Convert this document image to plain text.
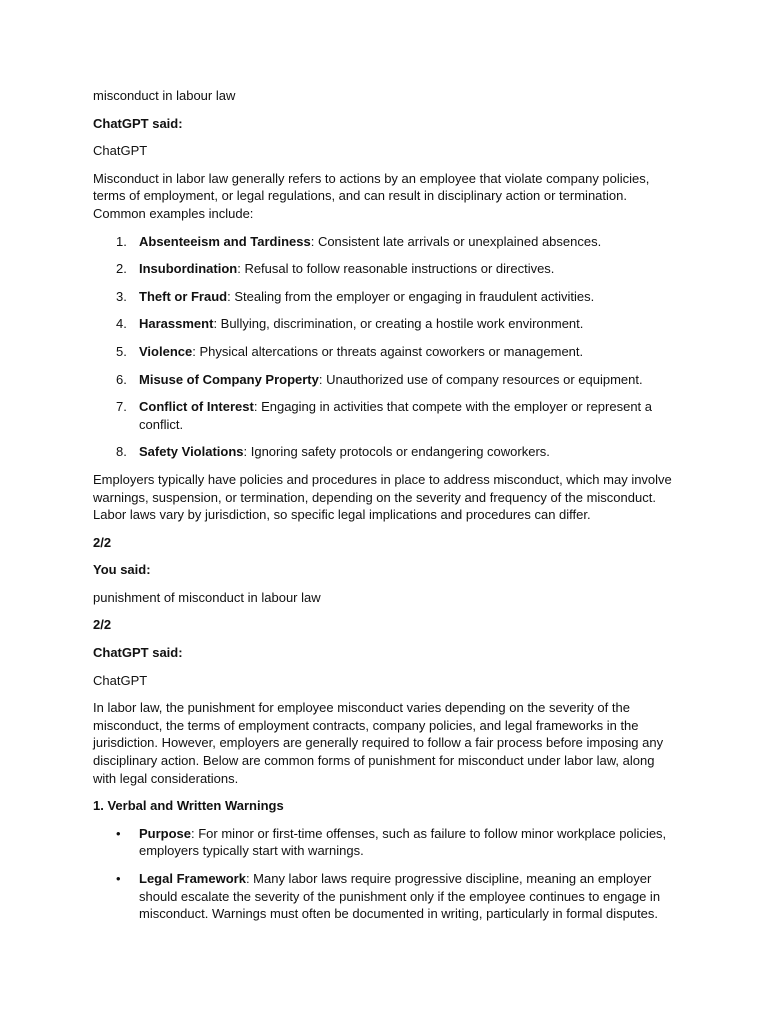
misconduct in labour law

ChatGPT said:

ChatGPT

Misconduct in labor law generally refers to actions by an employee that violate company policies, terms of employment, or legal regulations, and can result in disciplinary action or termination. Common examples include:

1. Absenteeism and Tardiness: Consistent late arrivals or unexplained absences.
2. Insubordination: Refusal to follow reasonable instructions or directives.
3. Theft or Fraud: Stealing from the employer or engaging in fraudulent activities.
4. Harassment: Bullying, discrimination, or creating a hostile work environment.
5. Violence: Physical altercations or threats against coworkers or management.
6. Misuse of Company Property: Unauthorized use of company resources or equipment.
7. Conflict of Interest: Engaging in activities that compete with the employer or represent a conflict.
8. Safety Violations: Ignoring safety protocols or endangering coworkers.

Employers typically have policies and procedures in place to address misconduct, which may involve warnings, suspension, or termination, depending on the severity and frequency of the misconduct. Labor laws vary by jurisdiction, so specific legal implications and procedures can differ.

2/2

You said:

punishment of misconduct in labour law

2/2

ChatGPT said:

ChatGPT

In labor law, the punishment for employee misconduct varies depending on the severity of the misconduct, the terms of employment contracts, company policies, and legal frameworks in the jurisdiction. However, employers are generally required to follow a fair process before imposing any disciplinary action. Below are common forms of punishment for misconduct under labor law, along with legal considerations.

1. Verbal and Written Warnings

• Purpose: For minor or first-time offenses, such as failure to follow minor workplace policies, employers typically start with warnings.
• Legal Framework: Many labor laws require progressive discipline, meaning an employer should escalate the severity of the punishment only if the employee continues to engage in misconduct. Warnings must often be documented in writing, particularly in formal disputes.
